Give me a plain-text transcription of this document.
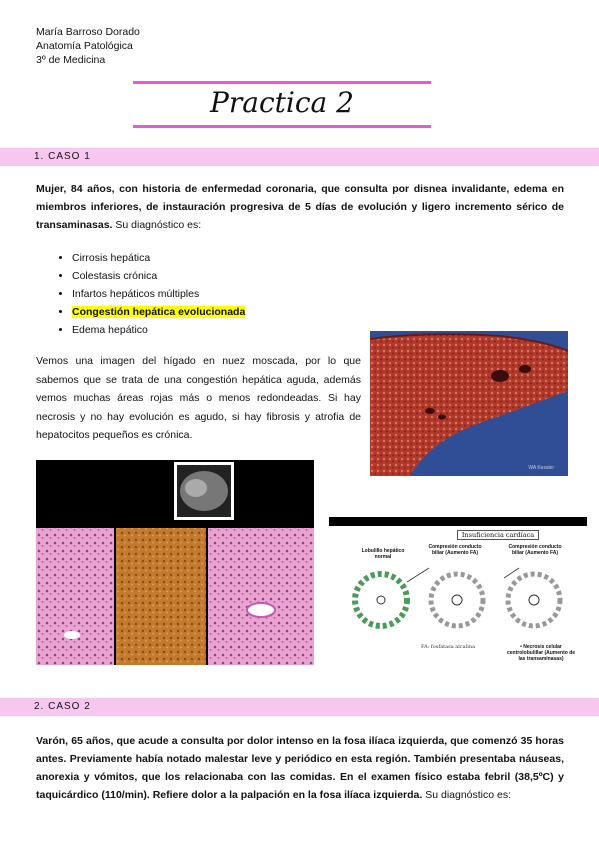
María Barroso Dorado
Anatomía Patológica
3º de Medicina
Practica 2
1. CASO 1
Mujer, 84 años, con historia de enfermedad coronaria, que consulta por disnea invalidante, edema en miembros inferiores, de instauración progresiva de 5 días de evolución y ligero incremento sérico de transaminasas. Su diagnóstico es:
• Cirrosis hepática
• Colestasis crónica
• Infartos hepáticos múltiples
• Congestión hepática evolucionada
• Edema hepático
Vemos una imagen del hígado en nuez moscada, por lo que sabemos que se trata de una congestión hepática aguda, además vemos muchas áreas rojas más o menos redondeadas. Si hay necrosis y no hay evolución es agudo, si hay fibrosis y atrofia de hepatocitos pequeños es crónica.
WA Kessler
Insuficiencia cardíaca
Lobulillo hepático normal
Compresión conducto biliar (Aumento FA)
Compresión conducto biliar (Aumento FA)
FA: fosfatasa alcalina	• Necrosis celular centrolobulillar (Aumento de las transaminasas)
2. CASO 2
Varón, 65 años, que acude a consulta por dolor intenso en la fosa ilíaca izquierda, que comenzó 35 horas antes. Previamente había notado malestar leve y periódico en esta región. También presentaba náuseas, anorexia y vómitos, que los relacionaba con las comidas. En el examen físico estaba febril (38,5ºC) y taquicárdico (110/min). Refiere dolor a la palpación en la fosa ilíaca izquierda. Su diagnóstico es:
